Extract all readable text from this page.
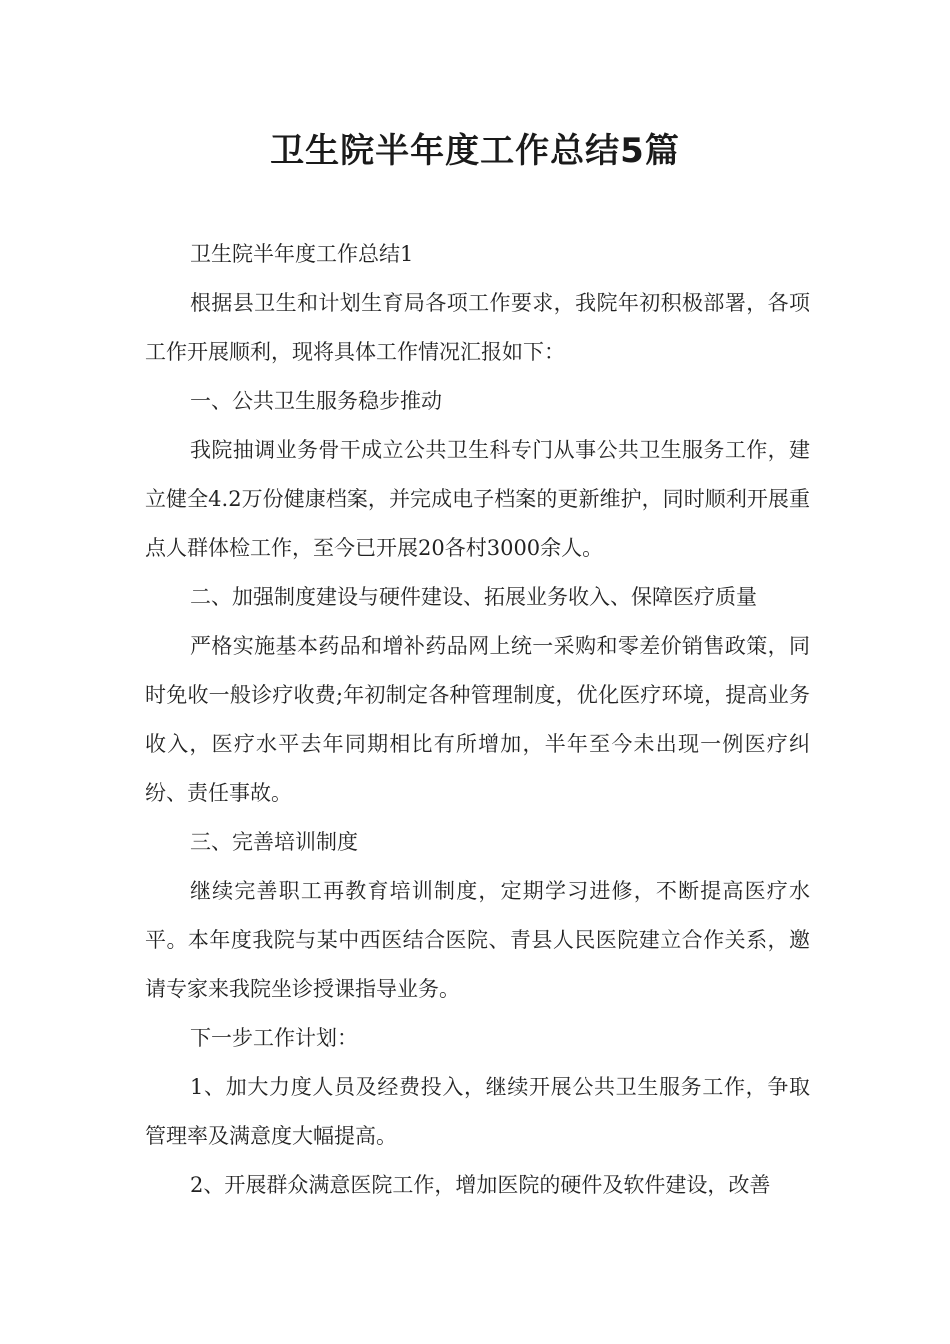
卫生院半年度工作总结5篇

卫生院半年度工作总结1

根据县卫生和计划生育局各项工作要求，我院年初积极部署，各项工作开展顺利，现将具体工作情况汇报如下：

一、公共卫生服务稳步推动

我院抽调业务骨干成立公共卫生科专门从事公共卫生服务工作，建立健全4.2万份健康档案，并完成电子档案的更新维护，同时顺利开展重点人群体检工作，至今已开展20各村3000余人。

二、加强制度建设与硬件建设、拓展业务收入、保障医疗质量

严格实施基本药品和增补药品网上统一采购和零差价销售政策，同时免收一般诊疗收费;年初制定各种管理制度，优化医疗环境，提高业务收入，医疗水平去年同期相比有所增加，半年至今未出现一例医疗纠纷、责任事故。

三、完善培训制度

继续完善职工再教育培训制度，定期学习进修，不断提高医疗水平。本年度我院与某中西医结合医院、青县人民医院建立合作关系，邀请专家来我院坐诊授课指导业务。

下一步工作计划：

1、加大力度人员及经费投入，继续开展公共卫生服务工作，争取管理率及满意度大幅提高。

2、开展群众满意医院工作，增加医院的硬件及软件建设，改善
